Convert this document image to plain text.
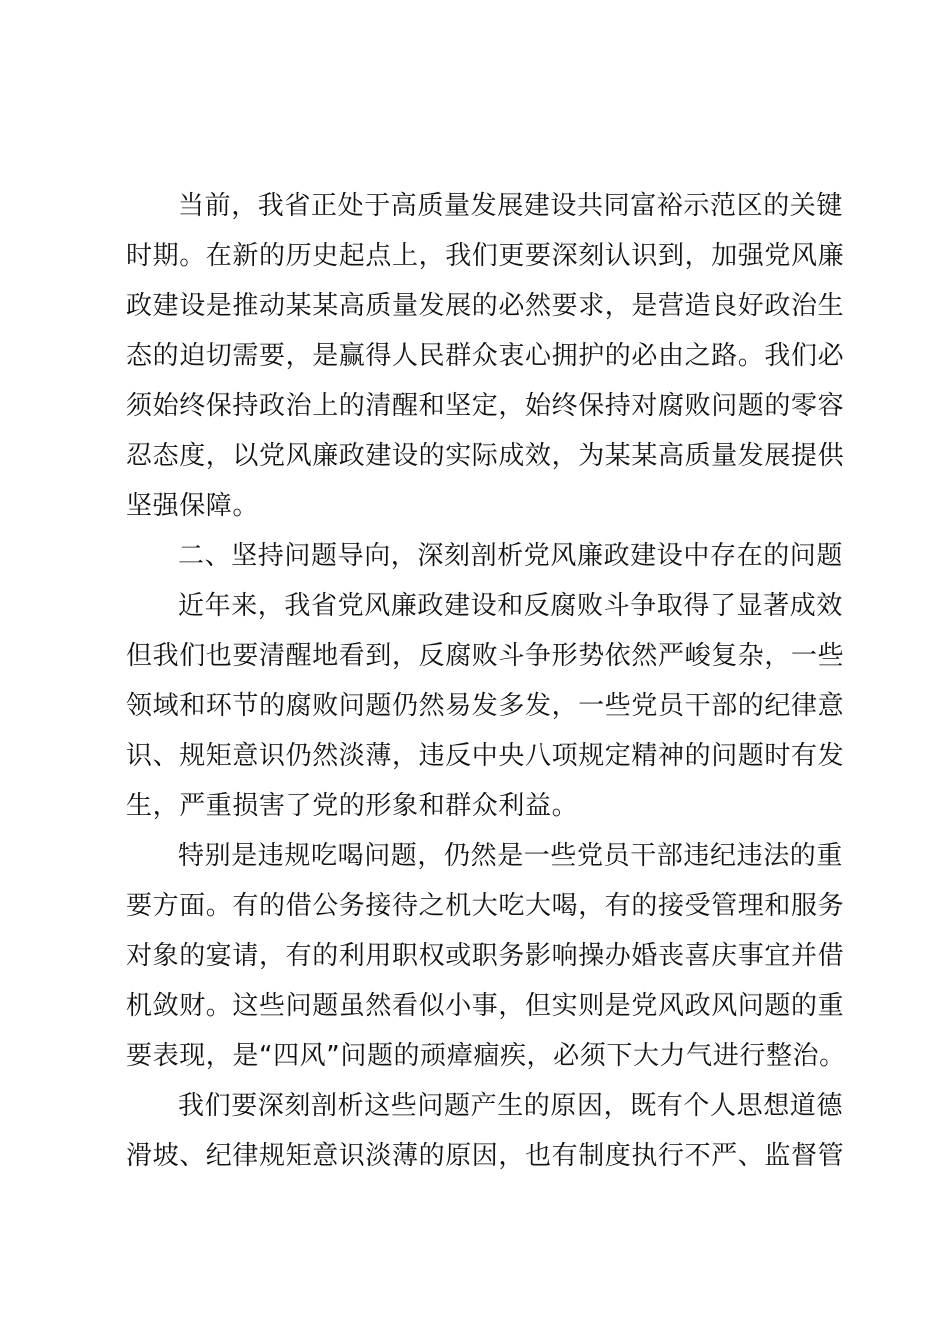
当前，我省正处于高质量发展建设共同富裕示范区的关键
时期。在新的历史起点上，我们更要深刻认识到，加强党风廉
政建设是推动某某高质量发展的必然要求，是营造良好政治生
态的迫切需要，是赢得人民群众衷心拥护的必由之路。我们必
须始终保持政治上的清醒和坚定，始终保持对腐败问题的零容
忍态度，以党风廉政建设的实际成效，为某某高质量发展提供
坚强保障。
二、坚持问题导向，深刻剖析党风廉政建设中存在的问题
近年来，我省党风廉政建设和反腐败斗争取得了显著成效
但我们也要清醒地看到，反腐败斗争形势依然严峻复杂，一些
领域和环节的腐败问题仍然易发多发，一些党员干部的纪律意
识、规矩意识仍然淡薄，违反中央八项规定精神的问题时有发
生，严重损害了党的形象和群众利益。
特别是违规吃喝问题，仍然是一些党员干部违纪违法的重
要方面。有的借公务接待之机大吃大喝，有的接受管理和服务
对象的宴请，有的利用职权或职务影响操办婚丧喜庆事宜并借
机敛财。这些问题虽然看似小事，但实则是党风政风问题的重
要表现，是“四风”问题的顽瘴痼疾，必须下大力气进行整治。
我们要深刻剖析这些问题产生的原因，既有个人思想道德
滑坡、纪律规矩意识淡薄的原因，也有制度执行不严、监督管
